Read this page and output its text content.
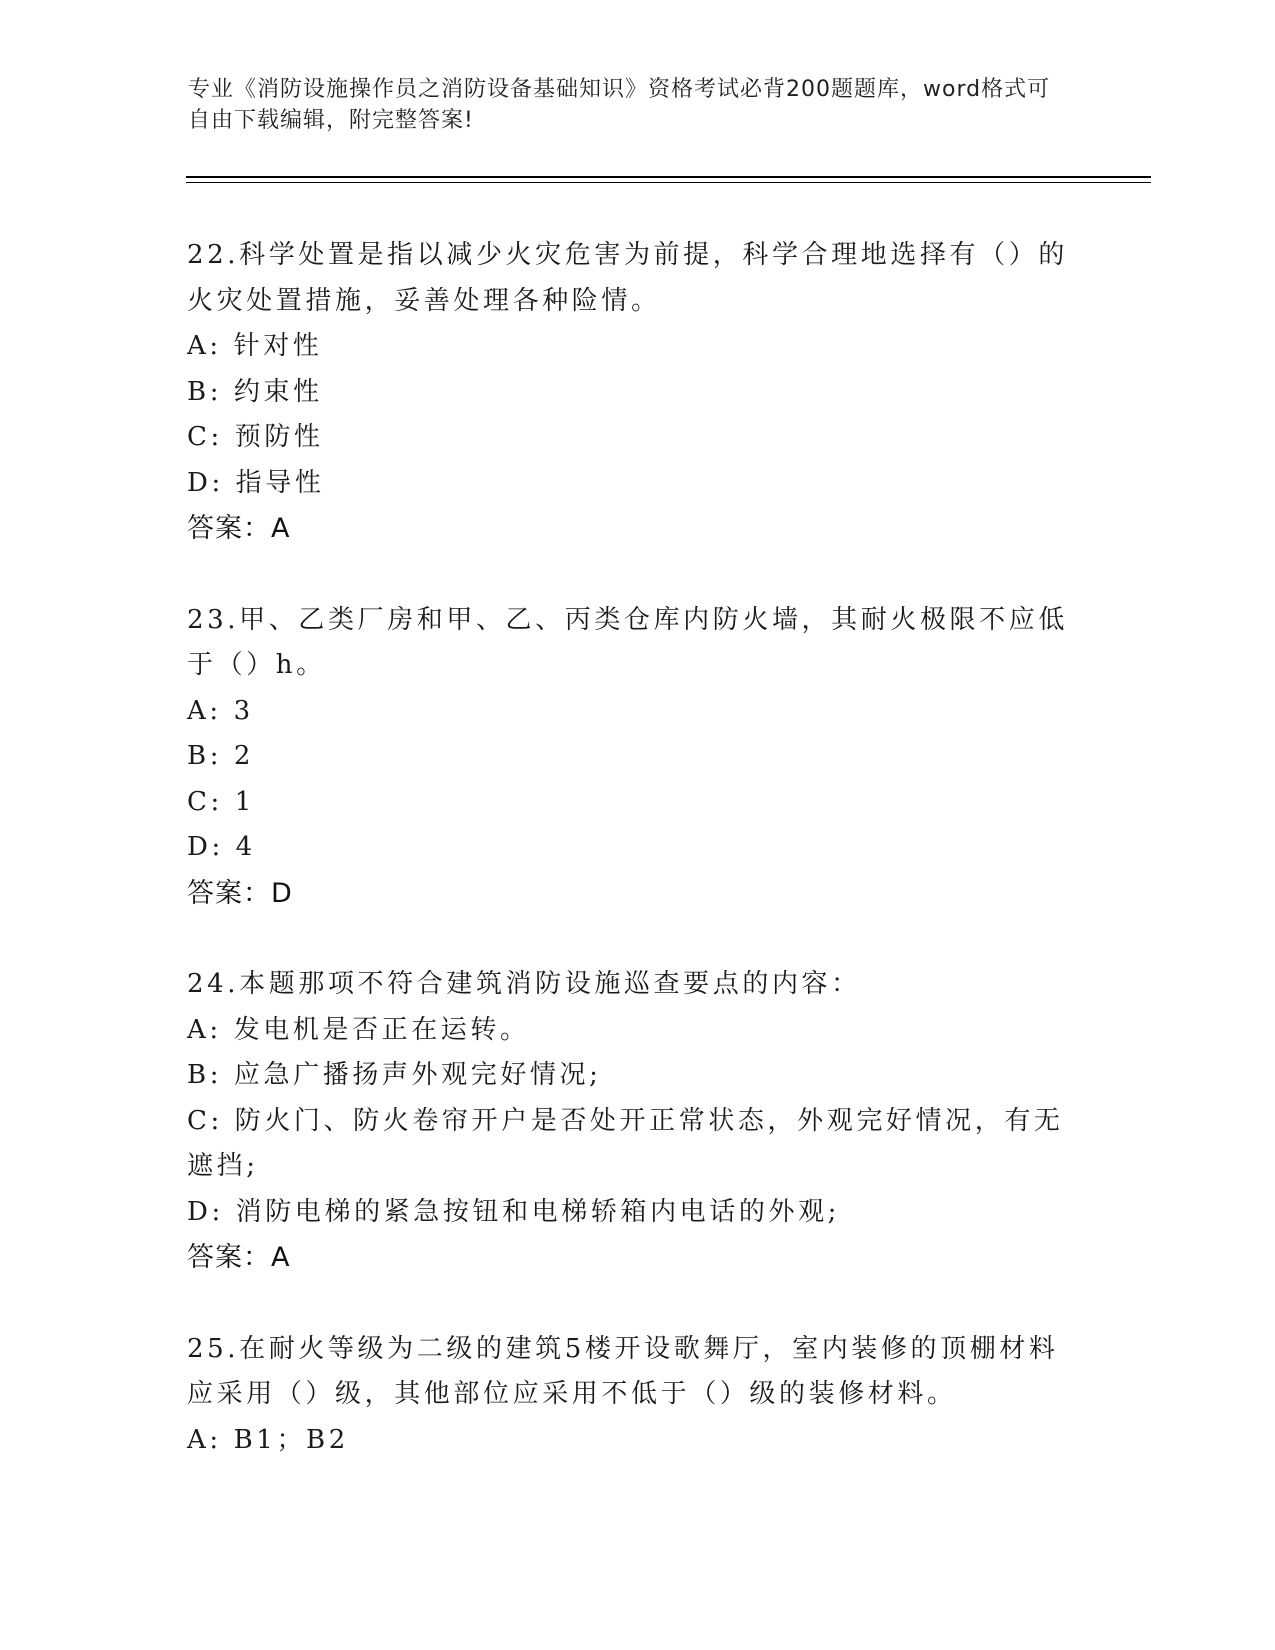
专业《消防设施操作员之消防设备基础知识》资格考试必背200题题库，word格式可自由下载编辑，附完整答案!
22.科学处置是指以减少火灾危害为前提，科学合理地选择有（）的火灾处置措施，妥善处理各种险情。
A: 针对性
B: 约束性
C: 预防性
D: 指导性
答案：A
23.甲、乙类厂房和甲、乙、丙类仓库内防火墙，其耐火极限不应低于（）h。
A: 3
B: 2
C: 1
D: 4
答案：D
24.本题那项不符合建筑消防设施巡查要点的内容：
A: 发电机是否正在运转。
B: 应急广播扬声外观完好情况;
C: 防火门、防火卷帘开户是否处开正常状态，外观完好情况，有无遮挡;
D: 消防电梯的紧急按钮和电梯轿箱内电话的外观;
答案：A
25.在耐火等级为二级的建筑5楼开设歌舞厅，室内装修的顶棚材料应采用（）级，其他部位应采用不低于（）级的装修材料。
A: B1；B2
